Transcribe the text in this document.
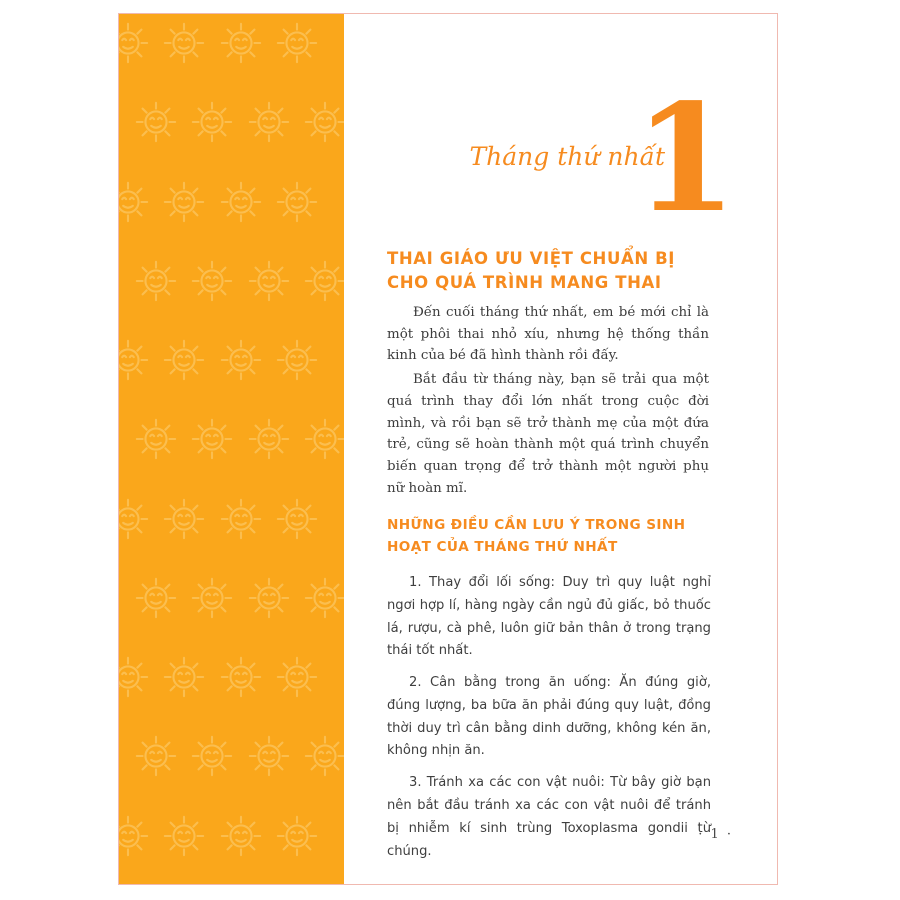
1
Tháng thứ nhất
THAI GIÁO ƯU VIỆT CHUẨN BỊ CHO QUÁ TRÌNH MANG THAI

Đến cuối tháng thứ nhất, em bé mới chỉ là một phôi thai nhỏ xíu, nhưng hệ thống thần kinh của bé đã hình thành rồi đấy.

Bắt đầu từ tháng này, bạn sẽ trải qua một quá trình thay đổi lớn nhất trong cuộc đời mình, và rồi bạn sẽ trở thành mẹ của một đứa trẻ, cũng sẽ hoàn thành một quá trình chuyển biến quan trọng để trở thành một người phụ nữ hoàn mĩ.

NHỮNG ĐIỀU CẦN LƯU Ý TRONG SINH HOẠT CỦA THÁNG THỨ NHẤT

1. Thay đổi lối sống: Duy trì quy luật nghỉ ngơi hợp lí, hàng ngày cần ngủ đủ giấc, bỏ thuốc lá, rượu, cà phê, luôn giữ bản thân ở trong trạng thái tốt nhất.

2. Cân bằng trong ăn uống: Ăn đúng giờ, đúng lượng, ba bữa ăn phải đúng quy luật, đồng thời duy trì cân bằng dinh dưỡng, không kén ăn, không nhịn ăn.

3. Tránh xa các con vật nuôi: Từ bây giờ bạn nên bắt đầu tránh xa các con vật nuôi để tránh bị nhiễm kí sinh trùng Toxoplasma gondii từ chúng.

· 1 ·
